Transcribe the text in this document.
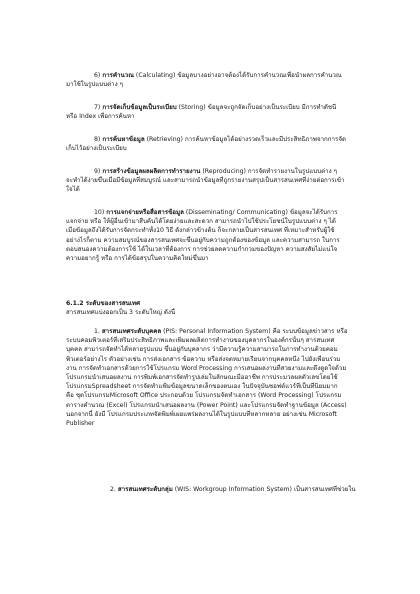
6) การคำนวณ (Calculating) ข้อมูลบางอย่างอาจต้องได้รับการคำนวณเพื่อนำผลการคำนวณ
มาใช้ในรูปแบบต่าง ๆ
7) การจัดเก็บข้อมูลเป็นระเบียบ (Storing) ข้อมูลจะถูกจัดเก็บอย่างเป็นระเบียบ มีการทำดัชนี
หรือ Index เพื่อการค้นหา
8) การค้นหาข้อมูล (Retrieving) การค้นหาข้อมูลได้อย่างรวดเร็วและมีประสิทธิภาพจากการจัด
เก็บไว้อย่างเป็นระเบียบ
9) การสร้างข้อมูลผลผลิตการทำรายงาน (Reproducing) การจัดทำรายงานในรูปแบบต่าง ๆ
จะทำได้ง่ายขึ้นเมื่อมีข้อมูลที่สมบูรณ์ และสามารถนำข้อมูลที่ถูกรายงานสรุปเป็นสารสนเทศที่ง่ายต่อการเข้า
ใจได้
10) การแจกจ่ายหรือสื่อสารข้อมูล (Disseminating/ Communicating) ข้อมูลจะได้รับการ
แจกจ่าย หรือ ให้ผู้อื่นเข้ามาสืบค้นได้โดยง่ายและสะดวก สามารถนำไปใช้ประโยชน์ในรูปแบบต่าง ๆ ได้
เมื่อข้อมูลถึงได้รับการจัดกระทำทั้ง10 วิธี ดังกล่าวข้างต้น ก็จะกลายเป็นสารสนเทศ ที่เหมาะสำหรับผู้ใช้
อย่างไรก็ตาม ความสมบูรณ์ของสารสนเทศจะขึ้นอยู่กับความถูกต้องของข้อมูล และความสามารถ ในการ
ตอบสนองความต้องการใช้ ได้ในเวลาที่ต้องการ การช่วยลดความกำกวมของปัญหา ความสงสัยไม่แน่ใจ
ความอยากรู้ หรือ การได้ข้อสรุปในความคิดใหม่ขึ้นมา
6.1.2 ระดับของสารสนเทศ
สารสนเทศแบ่งออกเป็น 3 ระดับใหญ่ ดังนี้
1. สารสนเทศระดับบุคคล (PIS: Personal Information System) คือ ระบบข้อมูลข่าวสาร หรือ
ระบบคอมพิวเตอร์ที่เสริมประสิทธิภาพและเพิ่มผลผลิตการทำงานของบุคลากรในองค์กรนั้นๆ สารสนเทศ
บุคคล สามารถจัดทำได้หลายรูปแบบ ขึ้นอยู่กับบุคลากร ว่ามีความรู้ความสามารถในการทำงานด้วยคอม
พิวเตอร์อย่างไร ตัวอย่างเช่น การส่งเอกสาร ข้อความ หรือส่งจดหมายเรียนจากบุคคลหนึ่ง ไปยังเพื่อนร่วม
งาน การจัดทำเอกสารด้วยการใช้โปรแกรม Word Processing การเสนอผลงานที่สวยงามและดึงดูดใจด้วย
โปรแกรมนำเสนอผลงาน การพิมพ์เอกสารจัดทำรูปเล่มในลักษณะมืออาชีพ การประมวลผลตัวเลขโดยใช้
โปรแกรมSpreadsheet การจัดทำแฟ้มข้อมูลขนาดเล็กของตนเอง ในปัจจุบันซอฟต์แวร์ที่เป็นที่นิยมมาก
คือ ชุดโปรแกรมMicrosoft Office ประกอบด้วย โปรแกรมจัดทำเอกสาร (Word Processing) โปรแกรม
ตารางคำนวณ (Excel) โปรแกรมนำเสนอผลงาน (Power Point) และโปรแกรมจัดทำฐานข้อมูล (Access)
นอกจากนี้ ยังมี โปรแกรมประเภทจัดพิมพ์เผยแพร่ผลงานได้ในรูปแบบที่หลากหลาย อย่างเช่น Microsoft
Publisher
2. สารสนเทศระดับกลุ่ม (WIS: Workgroup Information System) เป็นสารสนเทศที่ช่วยใน
